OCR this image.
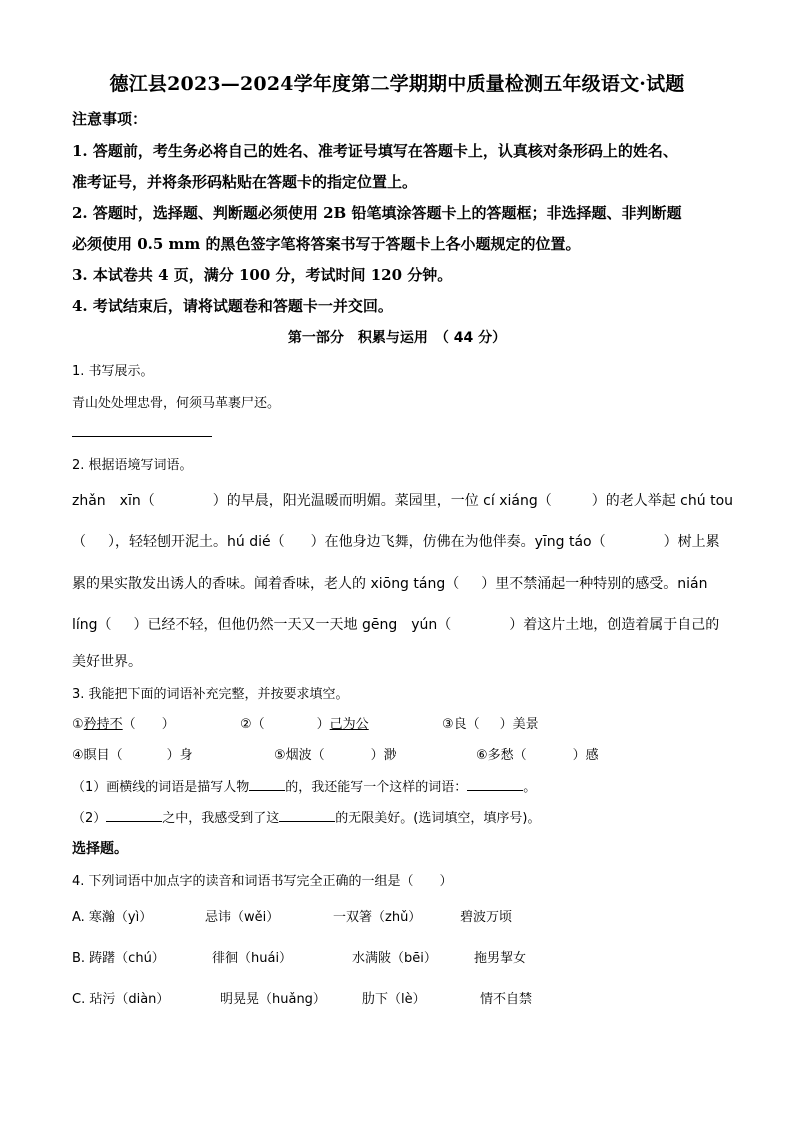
德江县2023—2024学年度第二学期期中质量检测五年级语文·试题
注意事项：
1. 答题前，考生务必将自己的姓名、准考证号填写在答题卡上，认真核对条形码上的姓名、
准考证号，并将条形码粘贴在答题卡的指定位置上。
2. 答题时，选择题、判断题必须使用 2B 铅笔填涂答题卡上的答题框；非选择题、非判断题
必须使用 0.5 mm 的黑色签字笔将答案书写于答题卡上各小题规定的位置。
3. 本试卷共 4 页，满分 100 分，考试时间 120 分钟。
4. 考试结束后，请将试题卷和答题卡一并交回。
第一部分　积累与运用　（ 44 分）
1. 书写展示。
青山处处埋忠骨，何须马革裹尸还。
2. 根据语境写词语。
zhǎn　xīn（	）的早晨，阳光温暖而明媚。菜园里，一位 cí xiáng（	）的老人举起 chú tou
（ ），轻轻刨开泥土。hú dié（ ）在他身边飞舞，仿佛在为他伴奏。yīng táo（	）树上累
累的果实散发出诱人的香味。闻着香味，老人的 xiōng táng（ ）里不禁涌起一种特别的感受。nián
líng（ ）已经不轻，但他仍然一天又一天地 gēng　yún（	）着这片土地，创造着属于自己的
美好世界。
3. 我能把下面的词语补充完整，并按要求填空。
①矜持不（ ）	②（	）己为公	③良（ ）美景
④瞑目（	）身	⑤烟波（	）渺	⑥多愁（	）感
（1）画横线的词语是描写人物	的，我还能写一个这样的词语：	。
（2）	之中，我感受到了这	的无限美好。(选词填空，填序号)。
选择题。
4. 下列词语中加点字的读音和词语书写完全正确的一组是（　　）
A. 寒瀚（yì）	忌讳（wěi）	一双箸（zhǔ）	碧波万顷
B. 踌躇（chú）	徘徊（huái）	水满陂（bēi）	拖男挈女
C. 玷污（diàn）	明晃晃（huǎng）	肋下（lè）	情不自禁
